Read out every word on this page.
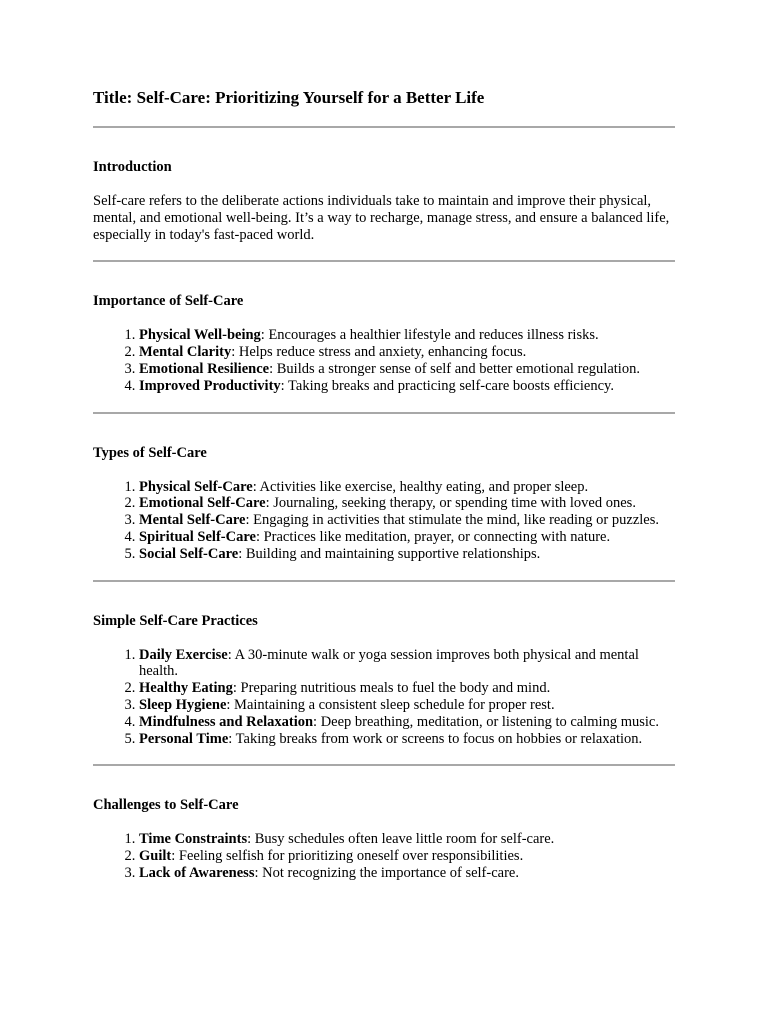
Title: Self-Care: Prioritizing Yourself for a Better Life
Introduction

Self-care refers to the deliberate actions individuals take to maintain and improve their physical, mental, and emotional well-being. It’s a way to recharge, manage stress, and ensure a balanced life, especially in today's fast-paced world.

Importance of Self-Care
1. Physical Well-being: Encourages a healthier lifestyle and reduces illness risks.
2. Mental Clarity: Helps reduce stress and anxiety, enhancing focus.
3. Emotional Resilience: Builds a stronger sense of self and better emotional regulation.
4. Improved Productivity: Taking breaks and practicing self-care boosts efficiency.
Types of Self-Care
1. Physical Self-Care: Activities like exercise, healthy eating, and proper sleep.
2. Emotional Self-Care: Journaling, seeking therapy, or spending time with loved ones.
3. Mental Self-Care: Engaging in activities that stimulate the mind, like reading or puzzles.
4. Spiritual Self-Care: Practices like meditation, prayer, or connecting with nature.
5. Social Self-Care: Building and maintaining supportive relationships.
Simple Self-Care Practices
1. Daily Exercise: A 30-minute walk or yoga session improves both physical and mental health.
2. Healthy Eating: Preparing nutritious meals to fuel the body and mind.
3. Sleep Hygiene: Maintaining a consistent sleep schedule for proper rest.
4. Mindfulness and Relaxation: Deep breathing, meditation, or listening to calming music.
5. Personal Time: Taking breaks from work or screens to focus on hobbies or relaxation.
Challenges to Self-Care
1. Time Constraints: Busy schedules often leave little room for self-care.
2. Guilt: Feeling selfish for prioritizing oneself over responsibilities.
3. Lack of Awareness: Not recognizing the importance of self-care.
